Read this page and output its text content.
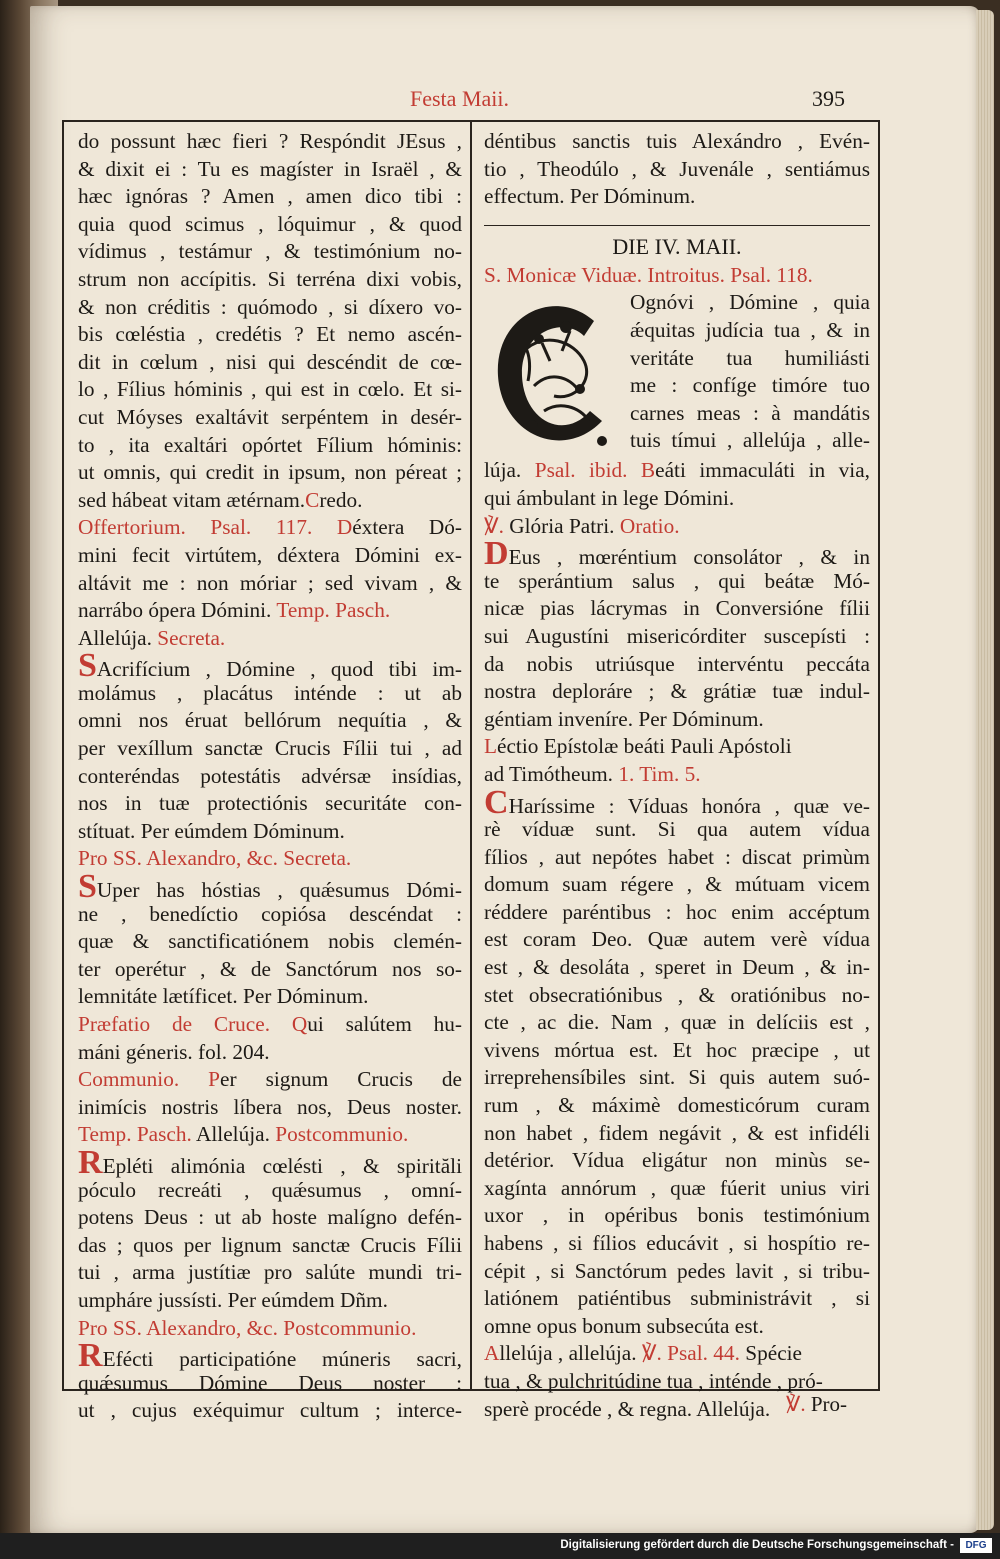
Festa Maii.	395
do possunt hæc fieri ? Respóndit JEsus ,
& dixit ei : Tu es magíster in Israël , &
hæc ignóras ? Amen , amen dico tibi :
quia quod scimus , lóquimur , & quod
vídimus , testámur , & testimónium no-
strum non accípitis. Si terréna dixi vobis,
& non créditis : quómodo , si díxero vo-
bis cœléstia , credétis ? Et nemo ascén-
dit in cœlum , nisi qui descéndit de cœ-
lo , Fílius hóminis , qui est in cœlo. Et si-
cut Móyses exaltávit serpéntem in desér-
to , ita exaltári opórtet Fílium hóminis:
ut omnis, qui credit in ipsum, non péreat ;
sed hábeat vitam ætérnam.Credo.
Offertorium. Psal. 117. Déxtera Dó-
mini fecit virtútem, déxtera Dómini ex-
altávit me : non móriar ; sed vivam , &
narrábo ópera Dómini. Temp. Pasch.
Allelúja. Secreta.
SAcrifícium , Dómine , quod tibi im-
molámus , placátus inténde : ut ab
omni nos éruat bellórum nequítia , &
per vexíllum sanctæ Crucis Fílii tui , ad
conteréndas potestátis advérsæ insídias,
nos in tuæ protectiónis securitáte con-
stítuat. Per eúmdem Dóminum.
Pro SS. Alexandro, &c. Secreta.
SUper has hóstias , quǽsumus Dómi-
ne , benedíctio copiósa descéndat :
quæ & sanctificatiónem nobis clemén-
ter operétur , & de Sanctórum nos so-
lemnitáte lætíficet. Per Dóminum.
Præfatio de Cruce. Qui salútem hu-
máni géneris. fol. 204.
Communio. Per signum Crucis de
inimícis nostris líbera nos, Deus noster.
Temp. Pasch. Allelúja. Postcommunio.
REpléti alimónia cœlésti , & spirităli
póculo recreáti , quǽsumus , omní-
potens Deus : ut ab hoste malígno defén-
das ; quos per lignum sanctæ Crucis Fílii
tui , arma justítiæ pro salúte mundi tri-
umpháre jussísti. Per eúmdem Dñm.
Pro SS. Alexandro, &c. Postcommunio.
REféсti participatióne múneris sacri,
quǽsumus Dómine Deus noster :
ut , cujus exéquimur cultum ; interce-
déntibus sanctis tuis Alexándro , Evén-
tio , Theodúlo , & Juvenále , sentiámus
effectum. Per Dóminum.
DIE IV. MAII.
S. Monicæ Viduæ. Introitus. Psal. 118.
Ognóvi , Dómine , quia
ǽquitas judícia tua , & in
veritáte tua humiliásti
me : confíge timóre tuo
carnes meas : à mandátis
tuis tímui , allelúja , alle-
lúja. Psal. ibid. Beáti immaculáti in via,
qui ámbulant in lege Dómini.
℣. Glória Patri. Oratio.
DEus , mœréntium consolátor , & in
te sperántium salus , qui beátæ Mó-
nicæ pias lácrymas in Conversióne fílii
sui Augustíni misericórditer suscepísti :
da nobis utriúsque intervéntu peccáta
nostra deploráre ; & grátiæ tuæ indul-
géntiam inveníre. Per Dóminum.
Léctio Epístolæ beáti Pauli Apóstoli
ad Timótheum. 1. Tim. 5.
CHaríssime : Víduas honóra , quæ ve-
rè víduæ sunt. Si qua autem vídua
fílios , aut nepótes habet : discat primùm
domum suam régere , & mútuam vicem
réddere paréntibus : hoc enim accéptum
est coram Deo. Quæ autem verè vídua
est , & desoláta , speret in Deum , & in-
stet obsecratiónibus , & oratiónibus no-
cte , ac die. Nam , quæ in delíciis est ,
vivens mórtua est. Et hoc præcipe , ut
irreprehensíbiles sint. Si quis autem suó-
rum , & máximè domesticórum curam
non habet , fidem negávit , & est infidéli
detérior. Vídua eligátur non minùs se-
xagínta annórum , quæ fúerit unius viri
uxor , in opéribus bonis testimónium
habens , si fílios educávit , si hospítio re-
cépit , si Sanctórum pedes lavit , si tribu-
latiónem patiéntibus subministrávit , si
omne opus bonum subsecúta est.
Allelúja , allelúja. ℣. Psal. 44. Spécie
tua , & pulchritúdine tua , inténde , pró-
sperè procéde , & regna. Allelúja. ℣. Pro-
Digitalisierung gefördert durch die Deutsche Forschungsgemeinschaft -	DFG
